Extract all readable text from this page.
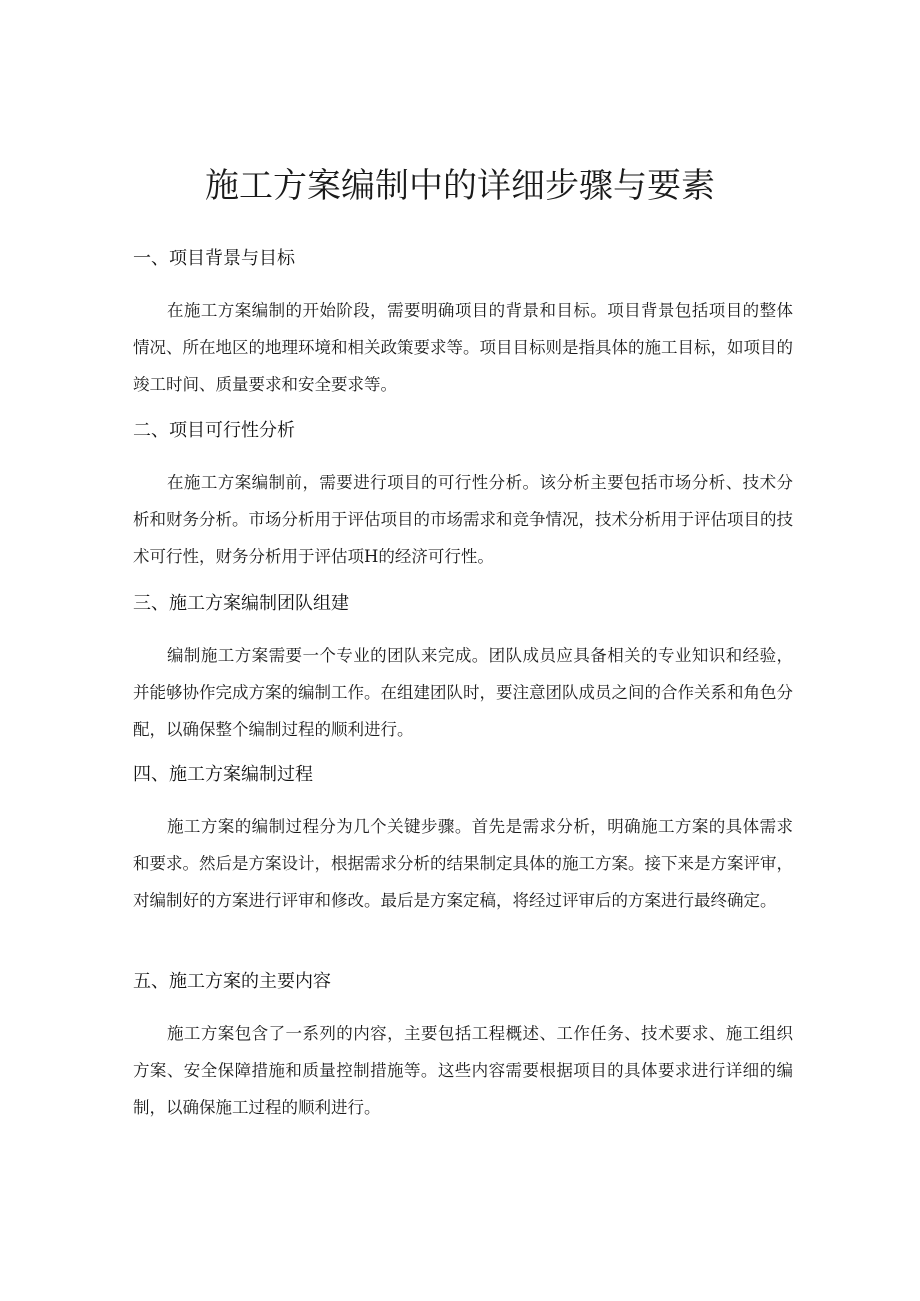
施工方案编制中的详细步骤与要素
一、项目背景与目标

在施工方案编制的开始阶段，需要明确项目的背景和目标。项目背景包括项目的整体情况、所在地区的地理环境和相关政策要求等。项目目标则是指具体的施工目标，如项目的竣工时间、质量要求和安全要求等。

二、项目可行性分析

在施工方案编制前，需要进行项目的可行性分析。该分析主要包括市场分析、技术分析和财务分析。市场分析用于评估项目的市场需求和竞争情况，技术分析用于评估项目的技术可行性，财务分析用于评估项H的经济可行性。

三、施工方案编制团队组建

编制施工方案需要一个专业的团队来完成。团队成员应具备相关的专业知识和经验，并能够协作完成方案的编制工作。在组建团队时，要注意团队成员之间的合作关系和角色分配，以确保整个编制过程的顺利进行。

四、施工方案编制过程

施工方案的编制过程分为几个关键步骤。首先是需求分析，明确施工方案的具体需求和要求。然后是方案设计，根据需求分析的结果制定具体的施工方案。接下来是方案评审，对编制好的方案进行评审和修改。最后是方案定稿，将经过评审后的方案进行最终确定。

五、施工方案的主要内容

施工方案包含了一系列的内容，主要包括工程概述、工作任务、技术要求、施工组织方案、安全保障措施和质量控制措施等。这些内容需要根据项目的具体要求进行详细的编制，以确保施工过程的顺利进行。
